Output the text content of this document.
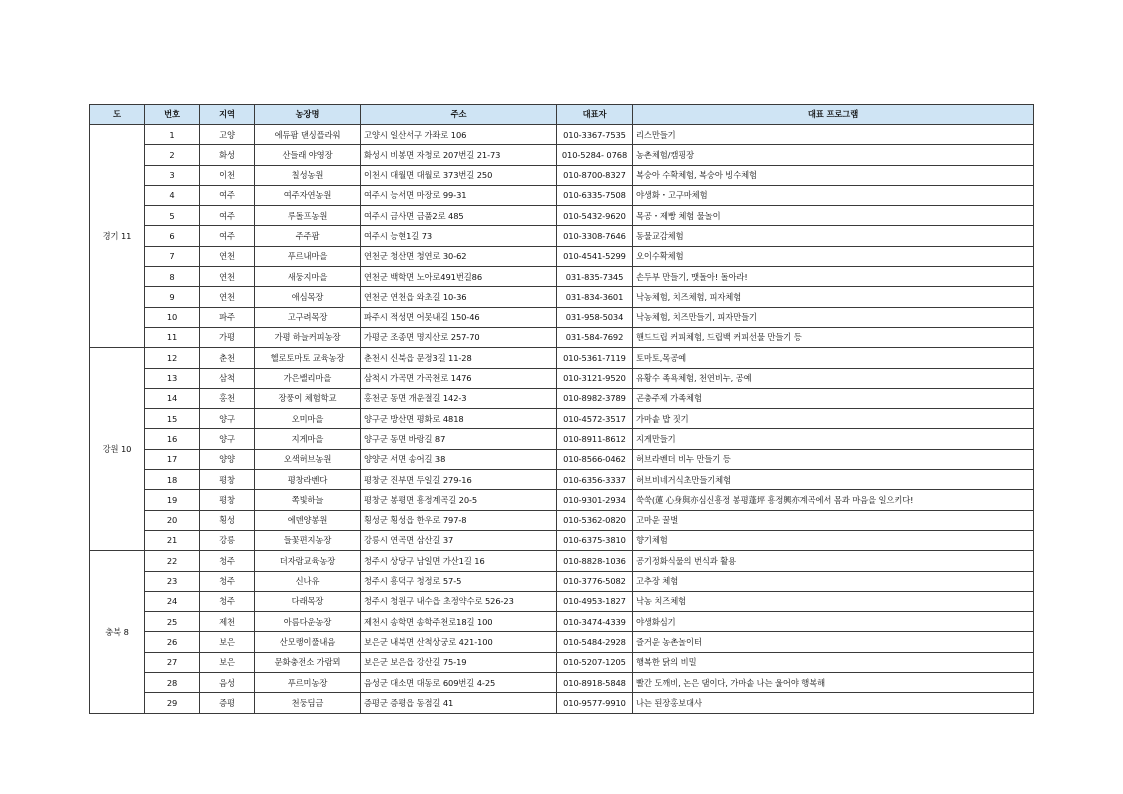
도	번호	지역	농장명	주소	대표자	대표 프로그램
경기 11	1	고양	에듀팜 댄싱플라워	고양시 일산서구 가좌로 106	010-3367-7535	리스만들기
	2	화성	산들래 야영장	화성시 비봉면 자청로 207번길 21-73	010-5284- 0768	농촌체험/캠핑장
	3	이천	칠성농원	이천시 대월면 대월로 373번길 250	010-8700-8327	복숭아 수확체험, 복숭아 빙수체험
	4	여주	여주자연농원	여주시 능서면 마장로 99-31	010-6335-7508	야생화・고구마체험
	5	여주	루돌프농원	여주시 금사면 금품2로 485	010-5432-9620	목공・제빵 체험 물놀이
	6	여주	주주팜	여주시 능현1길 73	010-3308-7646	동물교감체험
	7	연천	푸르내마을	연천군 청산면 청연로 30-62	010-4541-5299	오이수확체험
	8	연천	새둥지마을	연천군 백학면 노아로491번길86	031-835-7345	손두부 만들기, 맷돌아! 돌아라!
	9	연천	애심목장	연천군 연천읍 와초길 10-36	031-834-3601	낙농체험, 치즈체험, 피자체험
	10	파주	고구려목장	파주시 적성면 어못내길 150-46	031-958-5034	낙농체험, 치즈만들기, 피자만들기
	11	가평	가평 하늘커피농장	가평군 조종면 명지산로 257-70	031-584-7692	핸드드립 커피체험, 드립백 커피선물 만들기 등
강원 10	12	춘천	헬로토마토 교육농장	춘천시 신북읍 문정3길 11-28	010-5361-7119	토마토,목공예
	13	삼척	가은밸리마을	삼척시 가곡면 가곡천로 1476	010-3121-9520	유황수 족욕체험, 천연비누, 공예
	14	홍천	장풍이 체험학교	홍천군 동면 개운절길 142-3	010-8982-3789	곤충주제 가족체험
	15	양구	오미마을	양구군 방산면 평화로 4818	010-4572-3517	가마솥 밥 짓기
	16	양구	지게마을	양구군 동면 바랑길 87	010-8911-8612	지게만들기
	17	양양	오색허브농원	양양군 서면 송어길 38	010-8566-0462	허브라벤더 비누 만들기 등
	18	평창	평창라벤다	평창군 진부면 두일길 279-16	010-6356-3337	허브비네거식초만들기체험
	19	평창	쪽빛하늘	평창군 봉평면 흥정계곡길 20-5	010-9301-2934	쑥쑥(蓮 心身與亦심신흥정 봉평蓬坪 흥정興亦계곡에서 몸과 마음을 일으키다!
	20	횡성	에덴양봉원	횡성군 횡성읍 한우로 797-8	010-5362-0820	고마운 꿀벌
	21	강릉	들꽃편지농장	강릉시 연곡면 삼산길 37	010-6375-3810	향기체험
충북 8	22	청주	더자람교육농장	청주시 상당구 남일면 가산1길 16	010-8828-1036	공기정화식물의 번식과 활용
	23	청주	신나유	청주시 흥덕구 청정로 57-5	010-3776-5082	고추장 체험
	24	청주	다래목장	청주시 청원구 내수읍 초정약수로 526-23	010-4953-1827	낙농 치즈체험
	25	제천	아름다운농장	제천시 송학면 송학주천로18길 100	010-3474-4339	야생화심기
	26	보은	산모랭이풀내음	보은군 내북면 산척상궁로 421-100	010-5484-2928	즐거운 농촌놀이터
	27	보은	문화충전소 가람뫼	보은군 보은읍 강산길 75-19	010-5207-1205	행복한 닭의 비밀
	28	음성	푸르미농장	음성군 대소면 대동로 609번길 4-25	010-8918-5848	빨간 도깨비, 논은 댐이다, 가마솥 나는 울어야 행복해
	29	증평	천둥딤금	증평군 증평읍 동점길 41	010-9577-9910	나는 된장홍보대사
